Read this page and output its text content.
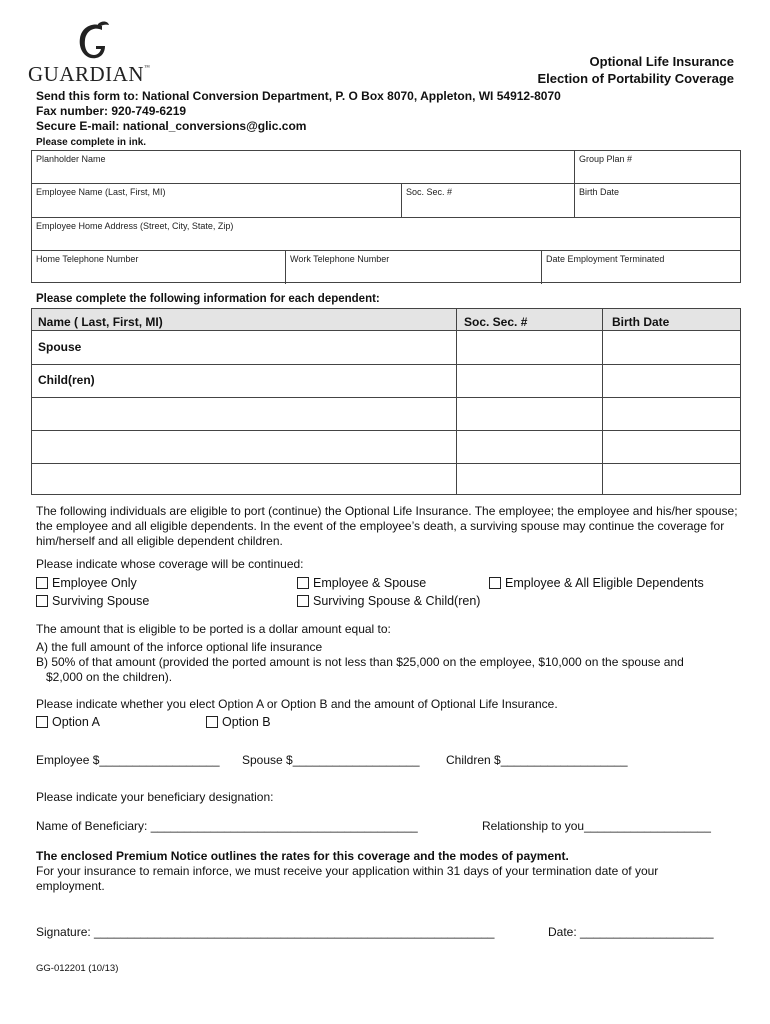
GUARDIAN™	Optional Life Insurance
Election of Portability Coverage
Send this form to: National Conversion Department, P. O Box 8070, Appleton, WI 54912-8070
Fax number: 920-749-6219
Secure E-mail: national_conversions@glic.com
Please complete in ink.
Planholder Name	Group Plan #
Employee Name (Last, First, MI)	Soc. Sec. #	Birth Date
Employee Home Address (Street, City, State, Zip)
Home Telephone Number	Work Telephone Number	Date Employment Terminated
Please complete the following information for each dependent:
Name ( Last, First, MI)	Soc. Sec. #	Birth Date
Spouse
Child(ren)
The following individuals are eligible to port (continue) the Optional Life Insurance. The employee; the employee and his/her spouse; the employee and all eligible dependents. In the event of the employee’s death, a surviving spouse may continue the coverage for him/herself and all eligible dependent children.
Please indicate whose coverage will be continued:
Employee Only	Employee & Spouse	Employee & All Eligible Dependents
Surviving Spouse	Surviving Spouse & Child(ren)
The amount that is eligible to be ported is a dollar amount equal to:
A) the full amount of the inforce optional life insurance
B) 50% of that amount (provided the ported amount is not less than $25,000 on the employee, $10,000 on the spouse and
$2,000 on the children).
Please indicate whether you elect Option A or Option B and the amount of Optional Life Insurance.
Option A	Option B
Employee $__________________ Spouse $___________________ Children $___________________
Please indicate your beneficiary designation:
Name of Beneficiary: ________________________________________	Relationship to you___________________
The enclosed Premium Notice outlines the rates for this coverage and the modes of payment.
For your insurance to remain inforce, we must receive your application within 31 days of your termination date of your
employment.
Signature: ____________________________________________________________	Date: ____________________
GG-012201 (10/13)
